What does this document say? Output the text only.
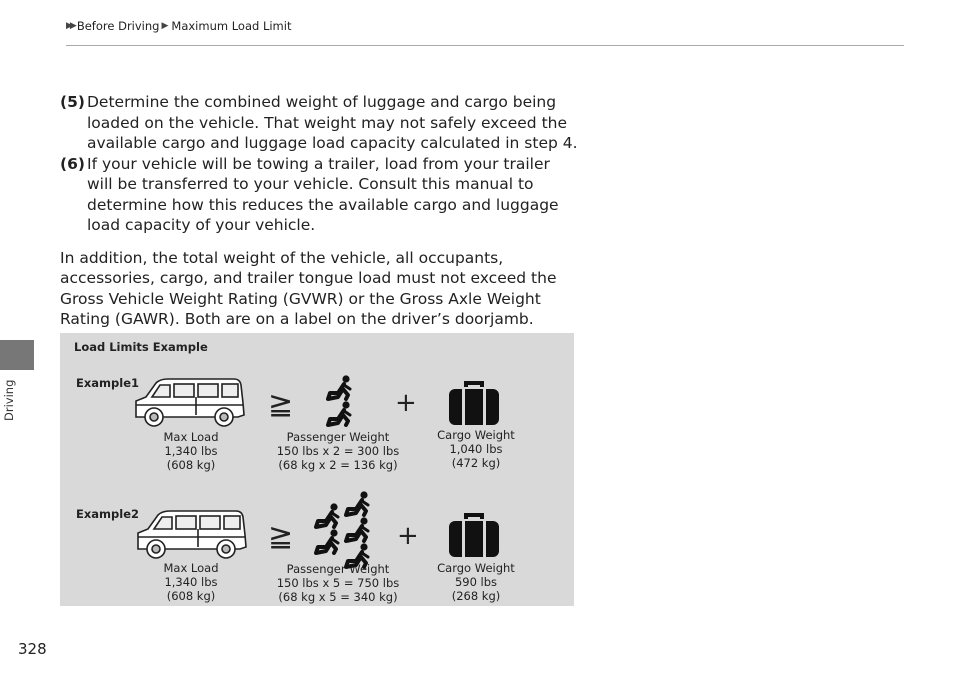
▶▶ Before Driving ▶ Maximum Load Limit
Driving
(5) Determine the combined weight of luggage and cargo being loaded on the vehicle. That weight may not safely exceed the available cargo and luggage load capacity calculated in step 4.
(6) If your vehicle will be towing a trailer, load from your trailer will be transferred to your vehicle. Consult this manual to determine how this reduces the available cargo and luggage load capacity of your vehicle.
In addition, the total weight of the vehicle, all occupants, accessories, cargo, and trailer tongue load must not exceed the Gross Vehicle Weight Rating (GVWR) or the Gross Axle Weight Rating (GAWR). Both are on a label on the driver’s doorjamb.
Load Limits Example
Example1
≧	+
Max Load
1,340 lbs
(608 kg)
Passenger Weight
150 lbs x 2 = 300 lbs
(68 kg x 2 = 136 kg)
Cargo Weight
1,040 lbs
(472 kg)
Example2
≧	+
Max Load
1,340 lbs
(608 kg)
Passenger Weight
150 lbs x 5 = 750 lbs
(68 kg x 5 = 340 kg)
Cargo Weight
590 lbs
(268 kg)
328
